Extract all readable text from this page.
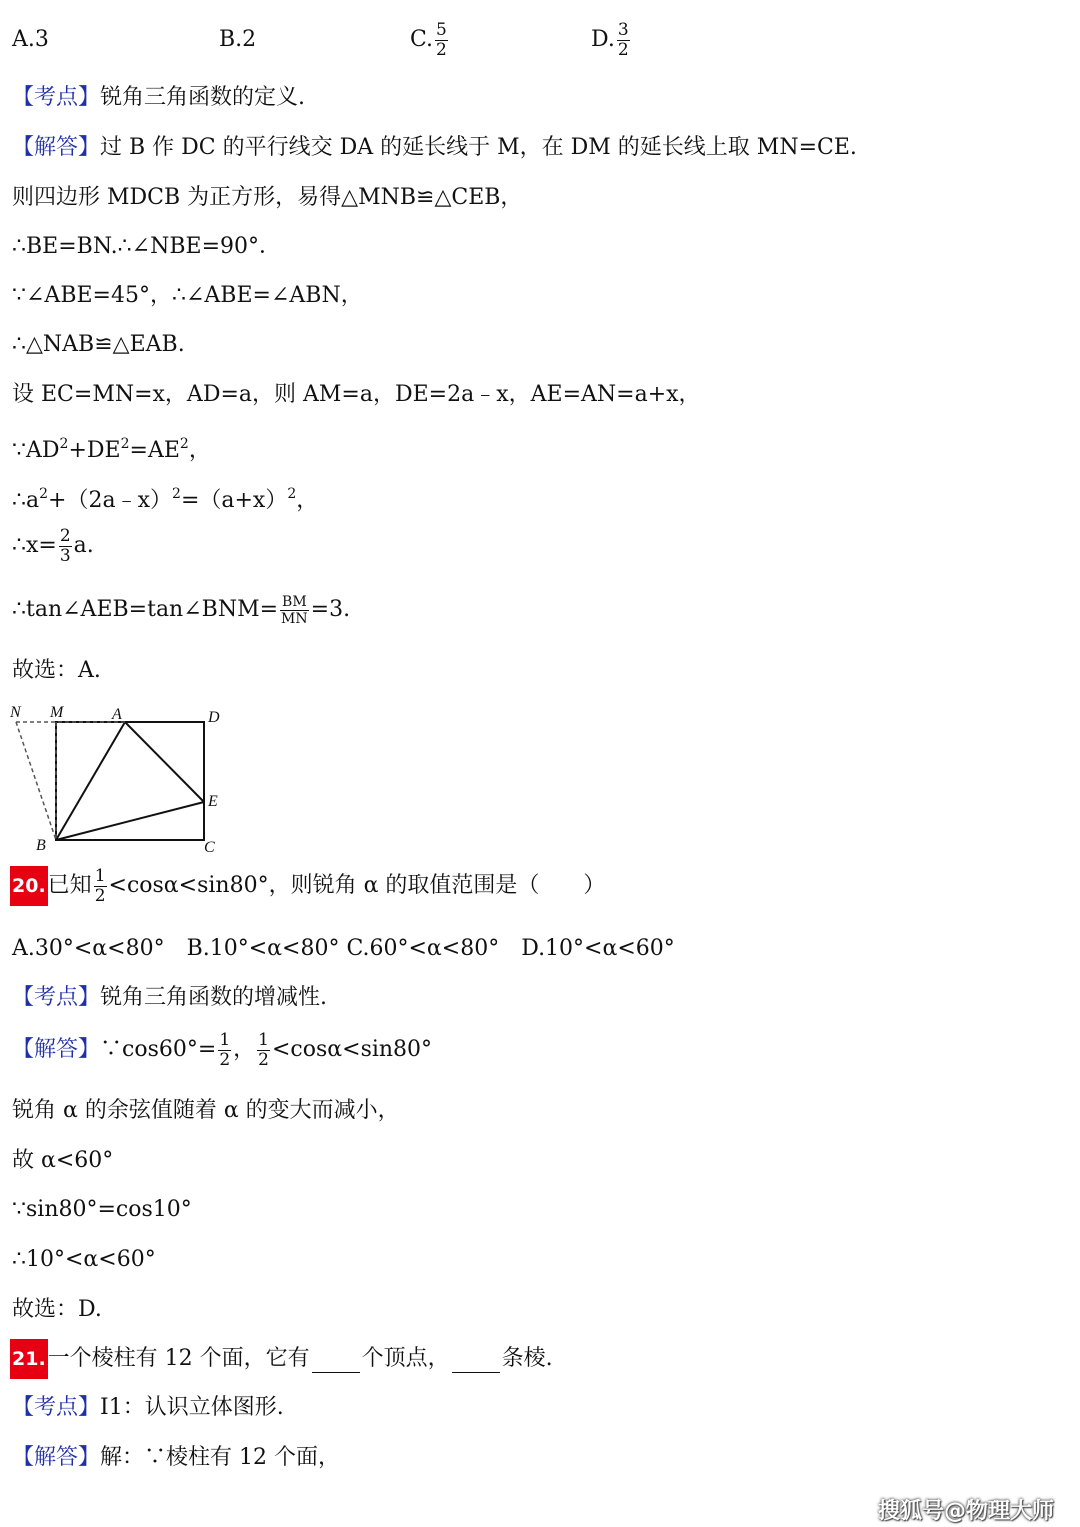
A.3	B.2	C. $\frac{5}{2}$	D. $\frac{3}{2}$
【考点】锐角三角函数的定义.
【解答】过 B 作 DC 的平行线交 DA 的延长线于 M，在 DM 的延长线上取 MN=CE.
则四边形 MDCB 为正方形，易得△MNB≌△CEB，
∴BE=BN.∴∠NBE=90°．
∵∠ABE=45°，∴∠ABE=∠ABN，
∴△NAB≌△EAB.
设 EC=MN=x，AD=a，则 AM=a，DE=2a﹣x，AE=AN=a+x，
$\because AD^2+DE^2=AE^2$，
$\therefore a^2+(2a﹣x)^2=(a+x)^2$，
∴x= $\frac{2}{3} a$.
∴tan∠AEB=tan∠BNM= $\frac{BM}{MN} =3$.
故选：A.
N M	A	D
E
B	C
20.已知 $\frac{1}{2} <\cos\alpha<\sin 80^\circ$，则锐角 α 的取值范围是（　　）
A.30°<α<80°　B.10°<α<80° C.60°<α<80°　D.10°<α<60°
【考点】锐角三角函数的增减性.
【解答】∵cos60°= $\frac{1}{2}$ ， $\frac{1}{2} <\cos\alpha<\sin 80^\circ$
锐角 α 的余弦值随着 α 的变大而减小，
故 α<60°
∵sin80°=cos10°
∴10°<α<60°
故选：D.
21.一个棱柱有 12 个面，它有 个顶点， 条棱.
【考点】I1：认识立体图形.
【解答】解：∵棱柱有 12 个面，
搜狐号@物理大师
